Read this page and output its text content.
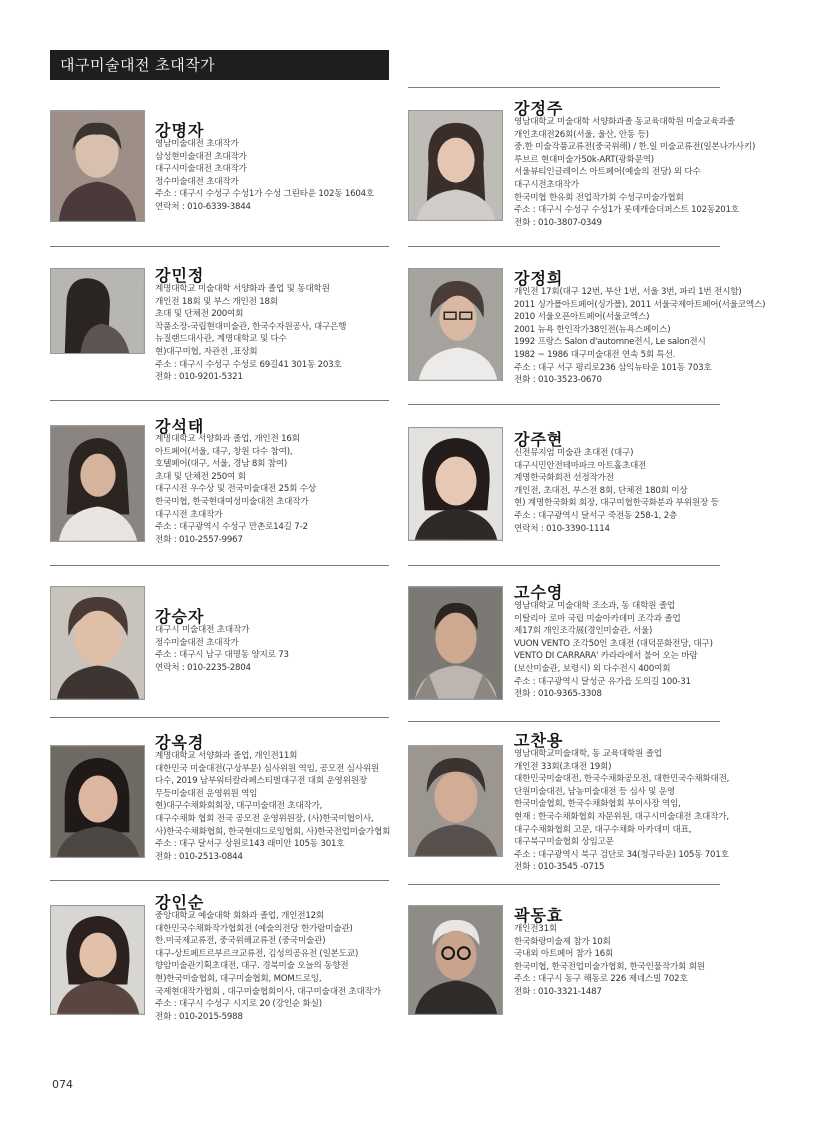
대구미술대전 초대작가
강명자
영남미술대전 초대작가
삼성현미술대전 초대작가
대구시미술대전 초대작가
정수미술대전 초대작가
주소 : 대구시 수성구 수성1가 수성 그린타운 102동 1604호
연락처 : 010-6339-3844
강민정
계명대학교 미술대학 서양화과 졸업 및 동대학원
개인전 18회 및 부스 개인전 18회
초대 및 단체전 200여회
작품소장-국립현대미술관, 한국수자원공사, 대구은행
뉴질랜드대사관, 계명대학교 및 다수
현)대구미협, 자관전 ,표상회
주소 : 대구시 수성구 수성로 69길41 301동 203호
전화 : 010-9201-5321
강석태
계명대학교 서양화과 졸업, 개인전 16회
아트페어(서울, 대구, 창원 다수 참여),
호텔페어(대구, 서울, 경남 8회 참여)
초대 및 단체전 250여 회
대구시전 우수상 및 전국미술대전 25회 수상
한국미협, 한국현대여성미술대전 초대작가
대구시전 초대작가
주소 : 대구광역시 수성구 만촌로14길 7-2
전화 : 010-2557-9967
강승자
대구시 미술대전 초대작가
정수미술대전 초대작가
주소 : 대구시 남구 대명동 양지로 73
연락처 : 010-2235-2804
강옥경
계명대학교 서양화과 졸업, 개인전11회
대한민국 미술대전(구상부문) 심사위원 역임, 공모전 심사위원
다수, 2019 남부워터칼라페스티벌대구전 대회 운영위원장
무등미술대전 운영위원 역임
현)대구수채화회회장, 대구미술대전 초대작가,
대구수채화 협회 전국 공모전 운영위원장, (사)한국미협이사,
사)한국수채화협회, 한국현대드로잉협회, 사)한국전업미술가협회
주소 : 대구 달서구 상원로143 래미안 105동 301호
전화 : 010-2513-0844
강인순
중앙대학교 예술대학 회화과 졸업, 개인전12회
대한민국수채화작가협회전 (예술의전당 한가람미술관)
한.미국제교류전, 중국위해교류전 (중국미술관)
대구-상트페트르부르크교류전, 김성의공유전 (일본도쿄)
향암미술관기획초대전, 대구. 경북미술 오늘의 동향전
현)한국미술협회, 대구미술협회, MOM드로잉,
국제현대작가협회 , 대구미술협회이사, 대구미술대전 초대작가
주소 : 대구시 수성구 시지로 20 (강인순 화실)
전화 : 010-2015-5988
강정주
영남대학교 미술대학 서양화과졸 동교육대학원 미술교육과졸
개인초대전26회(서울, 울산, 안동 등)
중.한 미술작품교류전(중국위해) / 한.일 미술교류전(일본나가사키)
루브르 현대미술가50k-ART(광화문역)
서울뷰티인글레이스 아트페어(예술의 전당) 외 다수
대구시전초대작가
한국미협 한유회 전업작가회 수성구미술가협회
주소 : 대구시 수성구 수성1가 롯데캐슬더퍼스트 102동201호
전화 : 010-3807-0349
강정희
개인전 17회(대구 12번, 부산 1번, 서울 3번, 파리 1번 전시함)
2011 싱가폴아트페어(싱가폴), 2011 서울국제아트페어(서울코엑스)
2010 서울오픈아트페어(서울코엑스)
2001 뉴욕 한인작가38인전(뉴욕스페이스)
1992 프랑스 Salon d'automne전시, Le salon전시
1982 ~ 1986 대구미술대전 연속 5회 특선.
주소 : 대구 서구 평리로236 삼익뉴타운 101동 703호
전화 : 010-3523-0670
강주현
신전뮤지엄 미술관 초대전 (대구)
대구시민안전테마파크 아트홀초대전
계명한국화회전 선정작가전
개인전, 초대전, 부스전 8회, 단체전 180회 이상
현) 계명한국화회 회장, 대구미협한국화분과 부위원장 등
주소 : 대구광역시 달서구 죽전동 258-1, 2층
연락처 : 010-3390-1114
고수영
영남대학교 미술대학 조소과, 동 대학원 졸업
이탈리아 로마 국립 미술아카데미 조각과 졸업
제17회 개인조각展(경인미술관, 서울)
VUON VENTO 조각50인 초대전 (대덕문화전당, 대구)
VENTO DI CARRARA' 카라라에서 불어 오는 바람
(보산미술관, 보령시) 외 다수전시 400여회
주소 : 대구광역시 달성군 유가읍 도의길 100-31
전화 : 010-9365-3308
고찬용
영남대학교미술대학, 동 교육대학원 졸업
개인전 33회(초대전 19회)
대한민국미술대전, 한국수채화공모전, 대한민국수채화대전,
단원미술대전, 남농미술대전 등 심사 및 운영
한국미술협회, 한국수채화협회 부이사장 역임,
현재 : 한국수채화협회 자문위원, 대구시미술대전 초대작가,
대구수채화협회 고문, 대구수채화 아카데미 대표,
대구북구미술협회 상임고문
주소 : 대구광역시 북구 검단로 34(청구타운) 105동 701호
전화 : 010-3545 -0715
곽동효
개인전31회
한국화랑미술제 참가 10회
국내외 아트페어 참가 16회
한국미협, 한국전업미술가협회, 한국인물작가회 회원
주소 : 대구시 동구 해동로 226 제네스빌 702호
전화 : 010-3321-1487
074
